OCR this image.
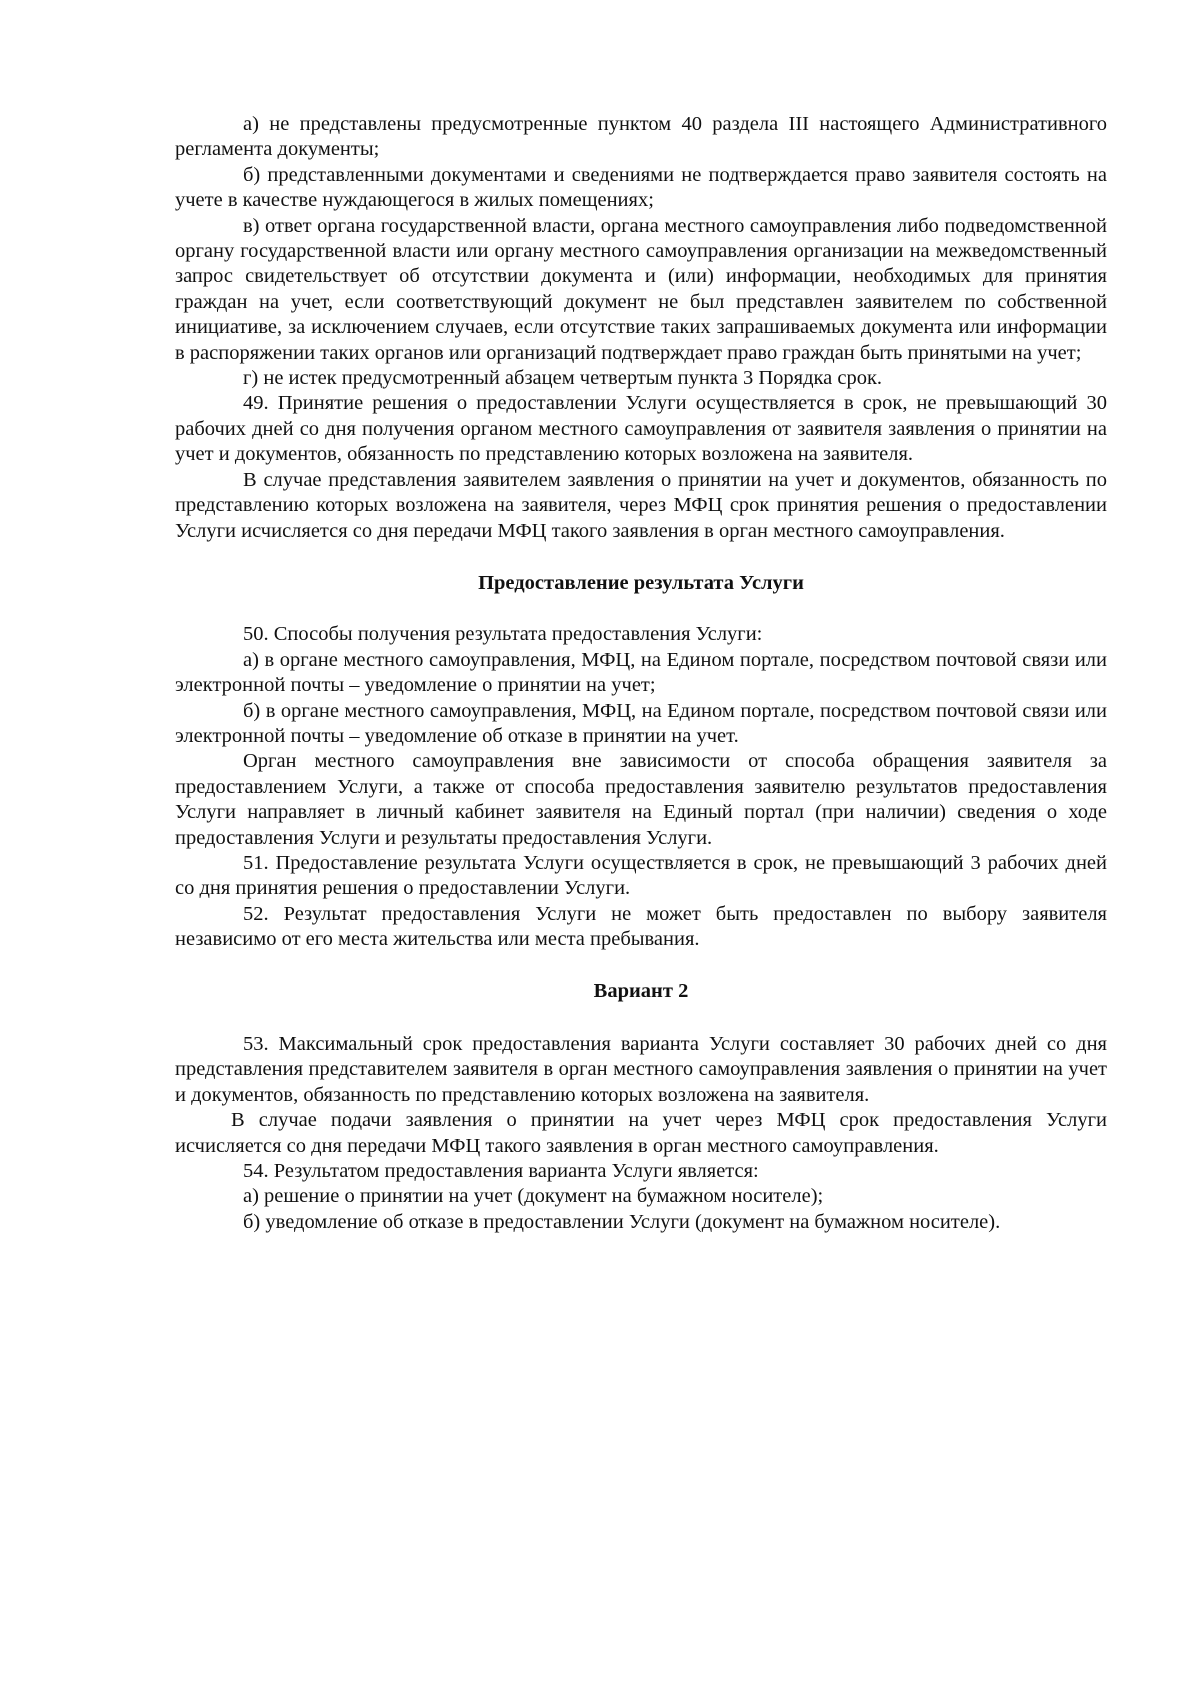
а) не представлены предусмотренные пунктом 40 раздела III настоящего Административного регламента документы;

б) представленными документами и сведениями не подтверждается право заявителя состоять на учете в качестве нуждающегося в жилых помещениях;

в) ответ органа государственной власти, органа местного самоуправления либо подведомственной органу государственной власти или органу местного самоуправления организации на межведомственный запрос свидетельствует об отсутствии документа и (или) информации, необходимых для принятия граждан на учет, если соответствующий документ не был представлен заявителем по собственной инициативе, за исключением случаев, если отсутствие таких запрашиваемых документа или информации в распоряжении таких органов или организаций подтверждает право граждан быть принятыми на учет;

г) не истек предусмотренный абзацем четвертым пункта 3 Порядка срок.

49. Принятие решения о предоставлении Услуги осуществляется в срок, не превышающий 30 рабочих дней со дня получения органом местного самоуправления от заявителя заявления о принятии на учет и документов, обязанность по представлению которых возложена на заявителя.

В случае представления заявителем заявления о принятии на учет и документов, обязанность по представлению которых возложена на заявителя, через МФЦ срок принятия решения о предоставлении Услуги исчисляется со дня передачи МФЦ такого заявления в орган местного самоуправления.

Предоставление результата Услуги

50. Способы получения результата предоставления Услуги:

а) в органе местного самоуправления, МФЦ, на Едином портале, посредством почтовой связи или электронной почты – уведомление о принятии на учет;

б) в органе местного самоуправления, МФЦ, на Едином портале, посредством почтовой связи или электронной почты – уведомление об отказе в принятии на учет.

Орган местного самоуправления вне зависимости от способа обращения заявителя за предоставлением Услуги, а также от способа предоставления заявителю результатов предоставления Услуги направляет в личный кабинет заявителя на Единый портал (при наличии) сведения о ходе предоставления Услуги и результаты предоставления Услуги.

51. Предоставление результата Услуги осуществляется в срок, не превышающий 3 рабочих дней со дня принятия решения о предоставлении Услуги.

52. Результат предоставления Услуги не может быть предоставлен по выбору заявителя независимо от его места жительства или места пребывания.

Вариант 2

53. Максимальный срок предоставления варианта Услуги составляет 30 рабочих дней со дня представления представителем заявителя в орган местного самоуправления заявления о принятии на учет и документов, обязанность по представлению которых возложена на заявителя.

В случае подачи заявления о принятии на учет через МФЦ срок предоставления Услуги исчисляется со дня передачи МФЦ такого заявления в орган местного самоуправления.

54. Результатом предоставления варианта Услуги является:

а) решение о принятии на учет (документ на бумажном носителе);

б) уведомление об отказе в предоставлении Услуги (документ на бумажном носителе).
